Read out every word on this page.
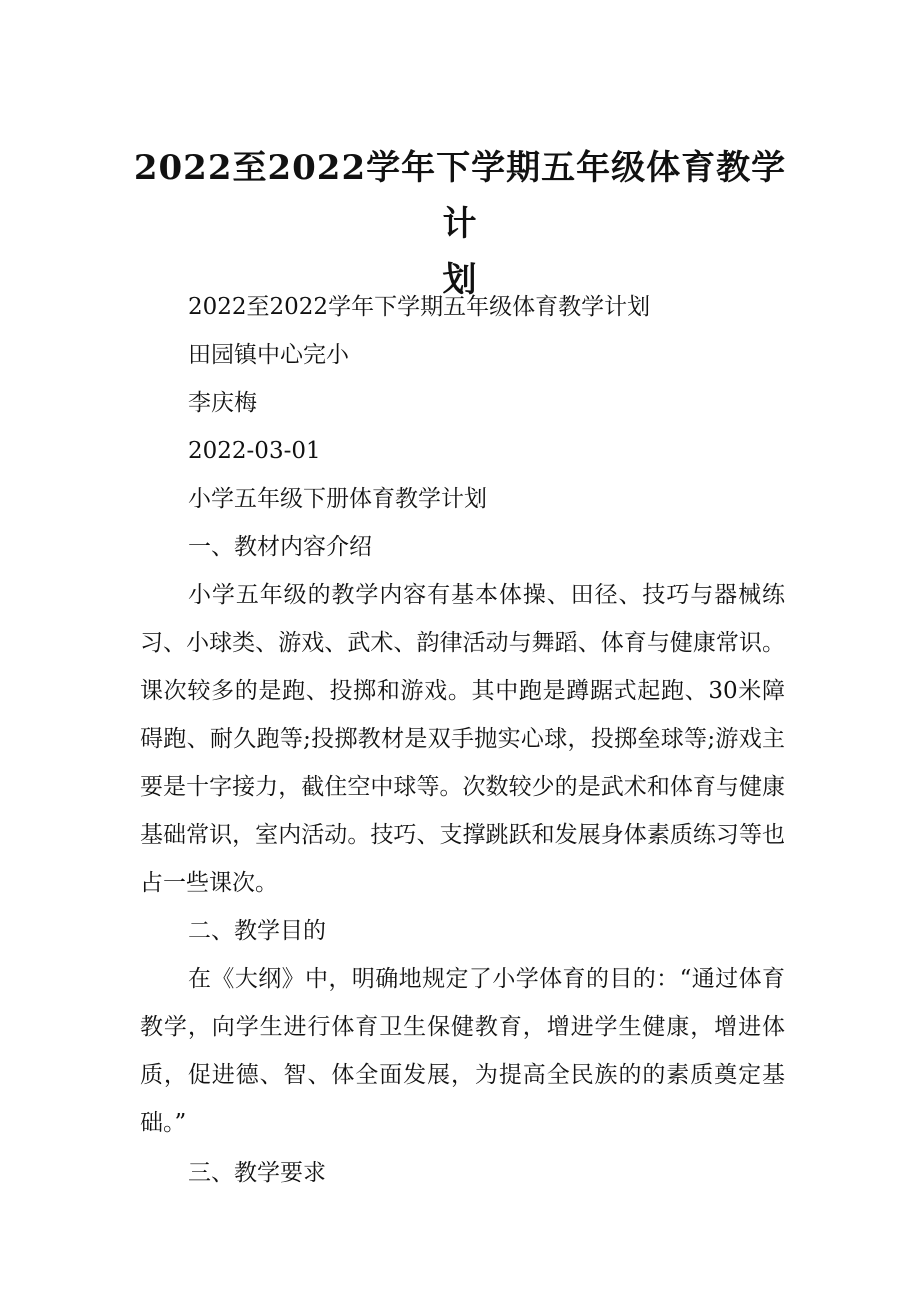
2022至2022学年下学期五年级体育教学计
划

2022至2022学年下学期五年级体育教学计划

田园镇中心完小

李庆梅

2022-03-01

小学五年级下册体育教学计划

一、教材内容介绍

小学五年级的教学内容有基本体操、田径、技巧与器械练习、小球类、游戏、武术、韵律活动与舞蹈、体育与健康常识。课次较多的是跑、投掷和游戏。其中跑是蹲踞式起跑、30米障碍跑、耐久跑等;投掷教材是双手抛实心球，投掷垒球等;游戏主要是十字接力，截住空中球等。次数较少的是武术和体育与健康基础常识，室内活动。技巧、支撑跳跃和发展身体素质练习等也占一些课次。

二、教学目的

在《大纲》中，明确地规定了小学体育的目的：“通过体育教学，向学生进行体育卫生保健教育，增进学生健康，增进体质，促进德、智、体全面发展，为提高全民族的的素质奠定基础。”

三、教学要求
